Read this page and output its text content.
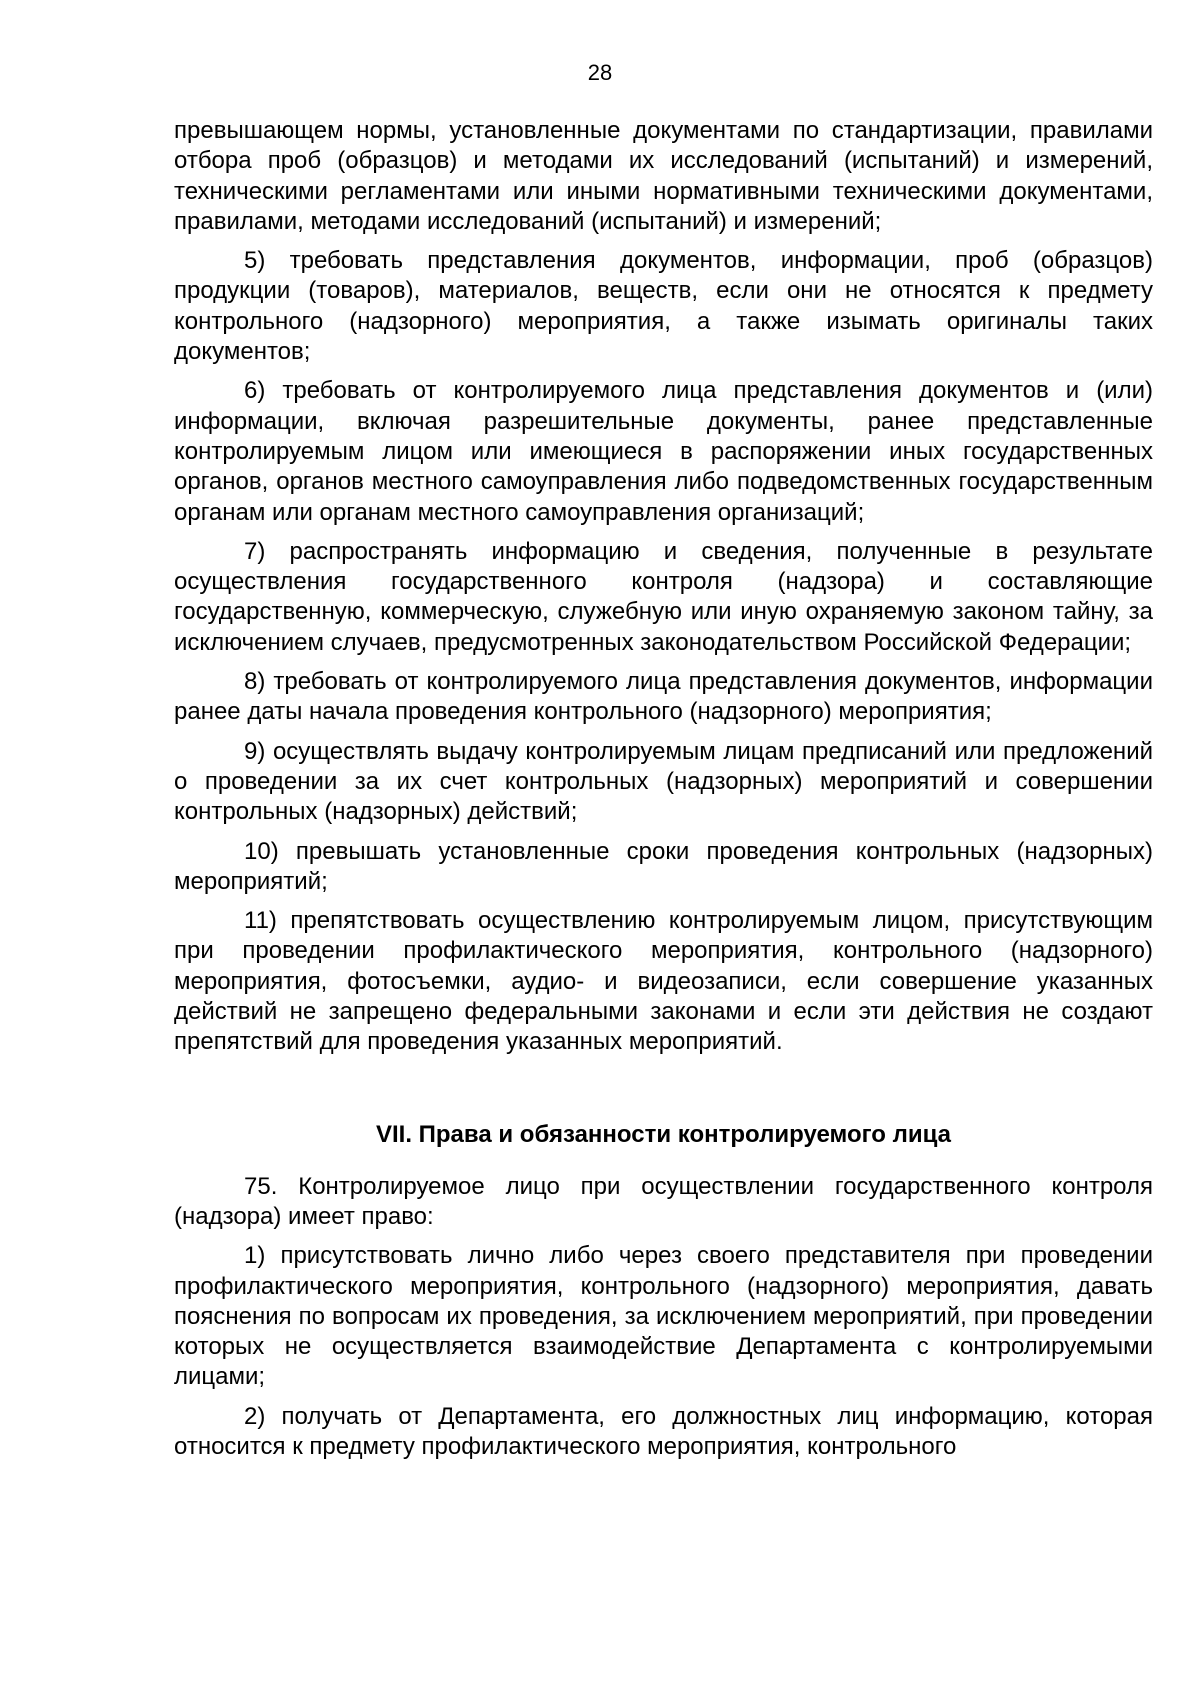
28

превышающем нормы, установленные документами по стандартизации, правилами отбора проб (образцов) и методами их исследований (испытаний) и измерений, техническими регламентами или иными нормативными техническими документами, правилами, методами исследований (испытаний) и измерений;

5) требовать представления документов, информации, проб (образцов) продукции (товаров), материалов, веществ, если они не относятся к предмету контрольного (надзорного) мероприятия, а также изымать оригиналы таких документов;

6) требовать от контролируемого лица представления документов и (или) информации, включая разрешительные документы, ранее представленные контролируемым лицом или имеющиеся в распоряжении иных государственных органов, органов местного самоуправления либо подведомственных государственным органам или органам местного самоуправления организаций;

7) распространять информацию и сведения, полученные в результате осуществления государственного контроля (надзора) и составляющие государственную, коммерческую, служебную или иную охраняемую законом тайну, за исключением случаев, предусмотренных законодательством Российской Федерации;

8) требовать от контролируемого лица представления документов, информации ранее даты начала проведения контрольного (надзорного) мероприятия;

9) осуществлять выдачу контролируемым лицам предписаний или предложений о проведении за их счет контрольных (надзорных) мероприятий и совершении контрольных (надзорных) действий;

10) превышать установленные сроки проведения контрольных (надзорных) мероприятий;

11) препятствовать осуществлению контролируемым лицом, присутствующим при проведении профилактического мероприятия, контрольного (надзорного) мероприятия, фотосъемки, аудио- и видеозаписи, если совершение указанных действий не запрещено федеральными законами и если эти действия не создают препятствий для проведения указанных мероприятий.

VII. Права и обязанности контролируемого лица

75. Контролируемое лицо при осуществлении государственного контроля (надзора) имеет право:

1) присутствовать лично либо через своего представителя при проведении профилактического мероприятия, контрольного (надзорного) мероприятия, давать пояснения по вопросам их проведения, за исключением мероприятий, при проведении которых не осуществляется взаимодействие Департамента с контролируемыми лицами;

2) получать от Департамента, его должностных лиц информацию, которая относится к предмету профилактического мероприятия, контрольного
